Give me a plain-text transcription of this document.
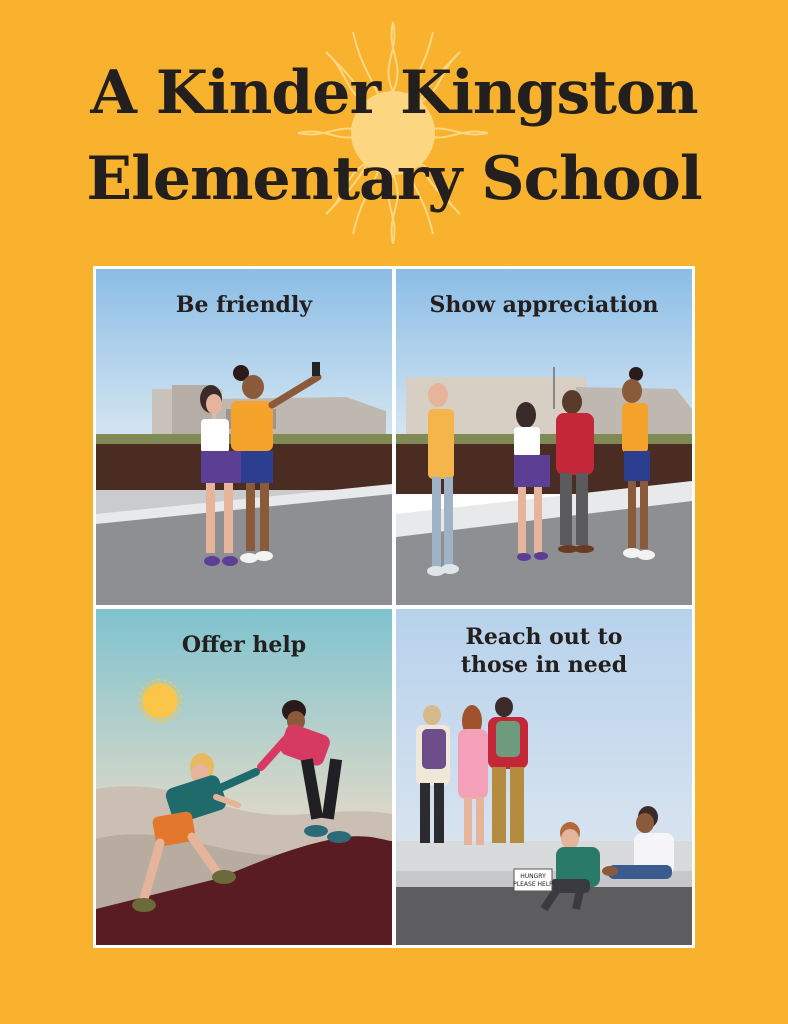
A Kinder Kingston
Elementary School
Be friendly	Show appreciation
Offer help
HUNGRY
PLEASE HELP
Reach out to
those in need
